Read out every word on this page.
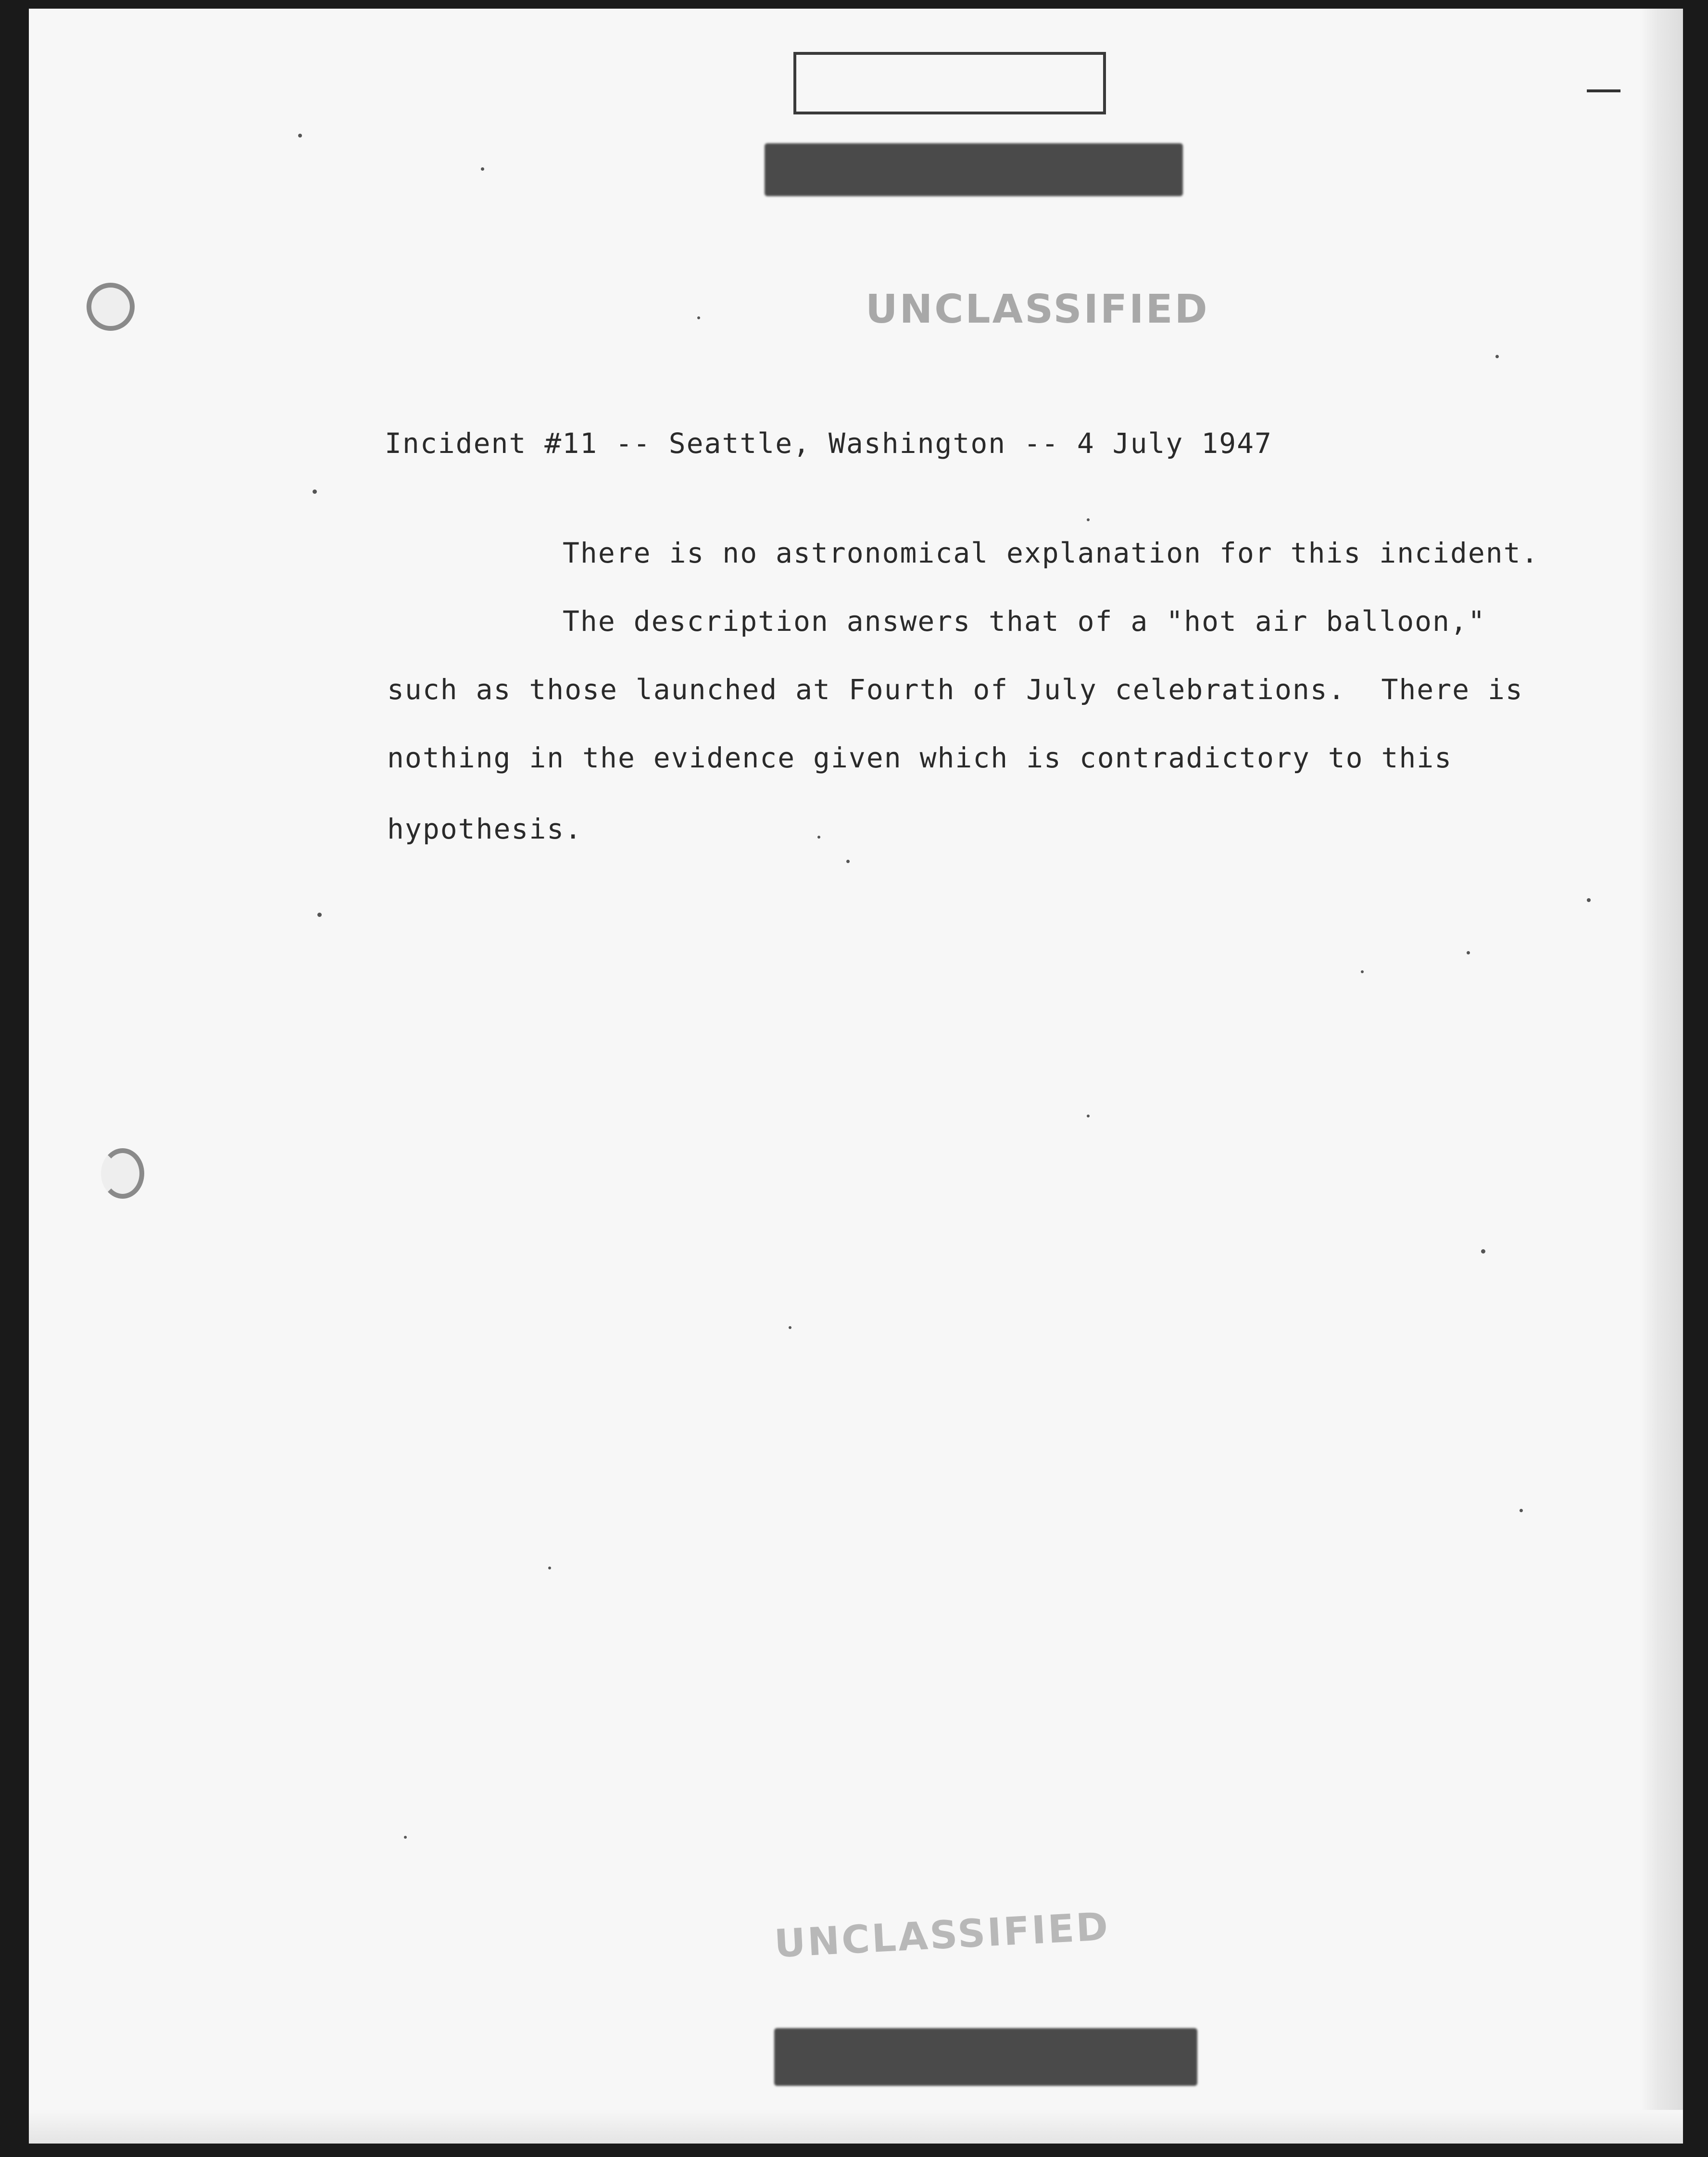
UNCLASSIFIED
Incident #11 -- Seattle, Washington -- 4 July 1947
There is no astronomical explanation for this incident.
The description answers that of a "hot air balloon,"
such as those launched at Fourth of July celebrations.  There is
nothing in the evidence given which is contradictory to this
hypothesis.
UNCLASSIFIED
